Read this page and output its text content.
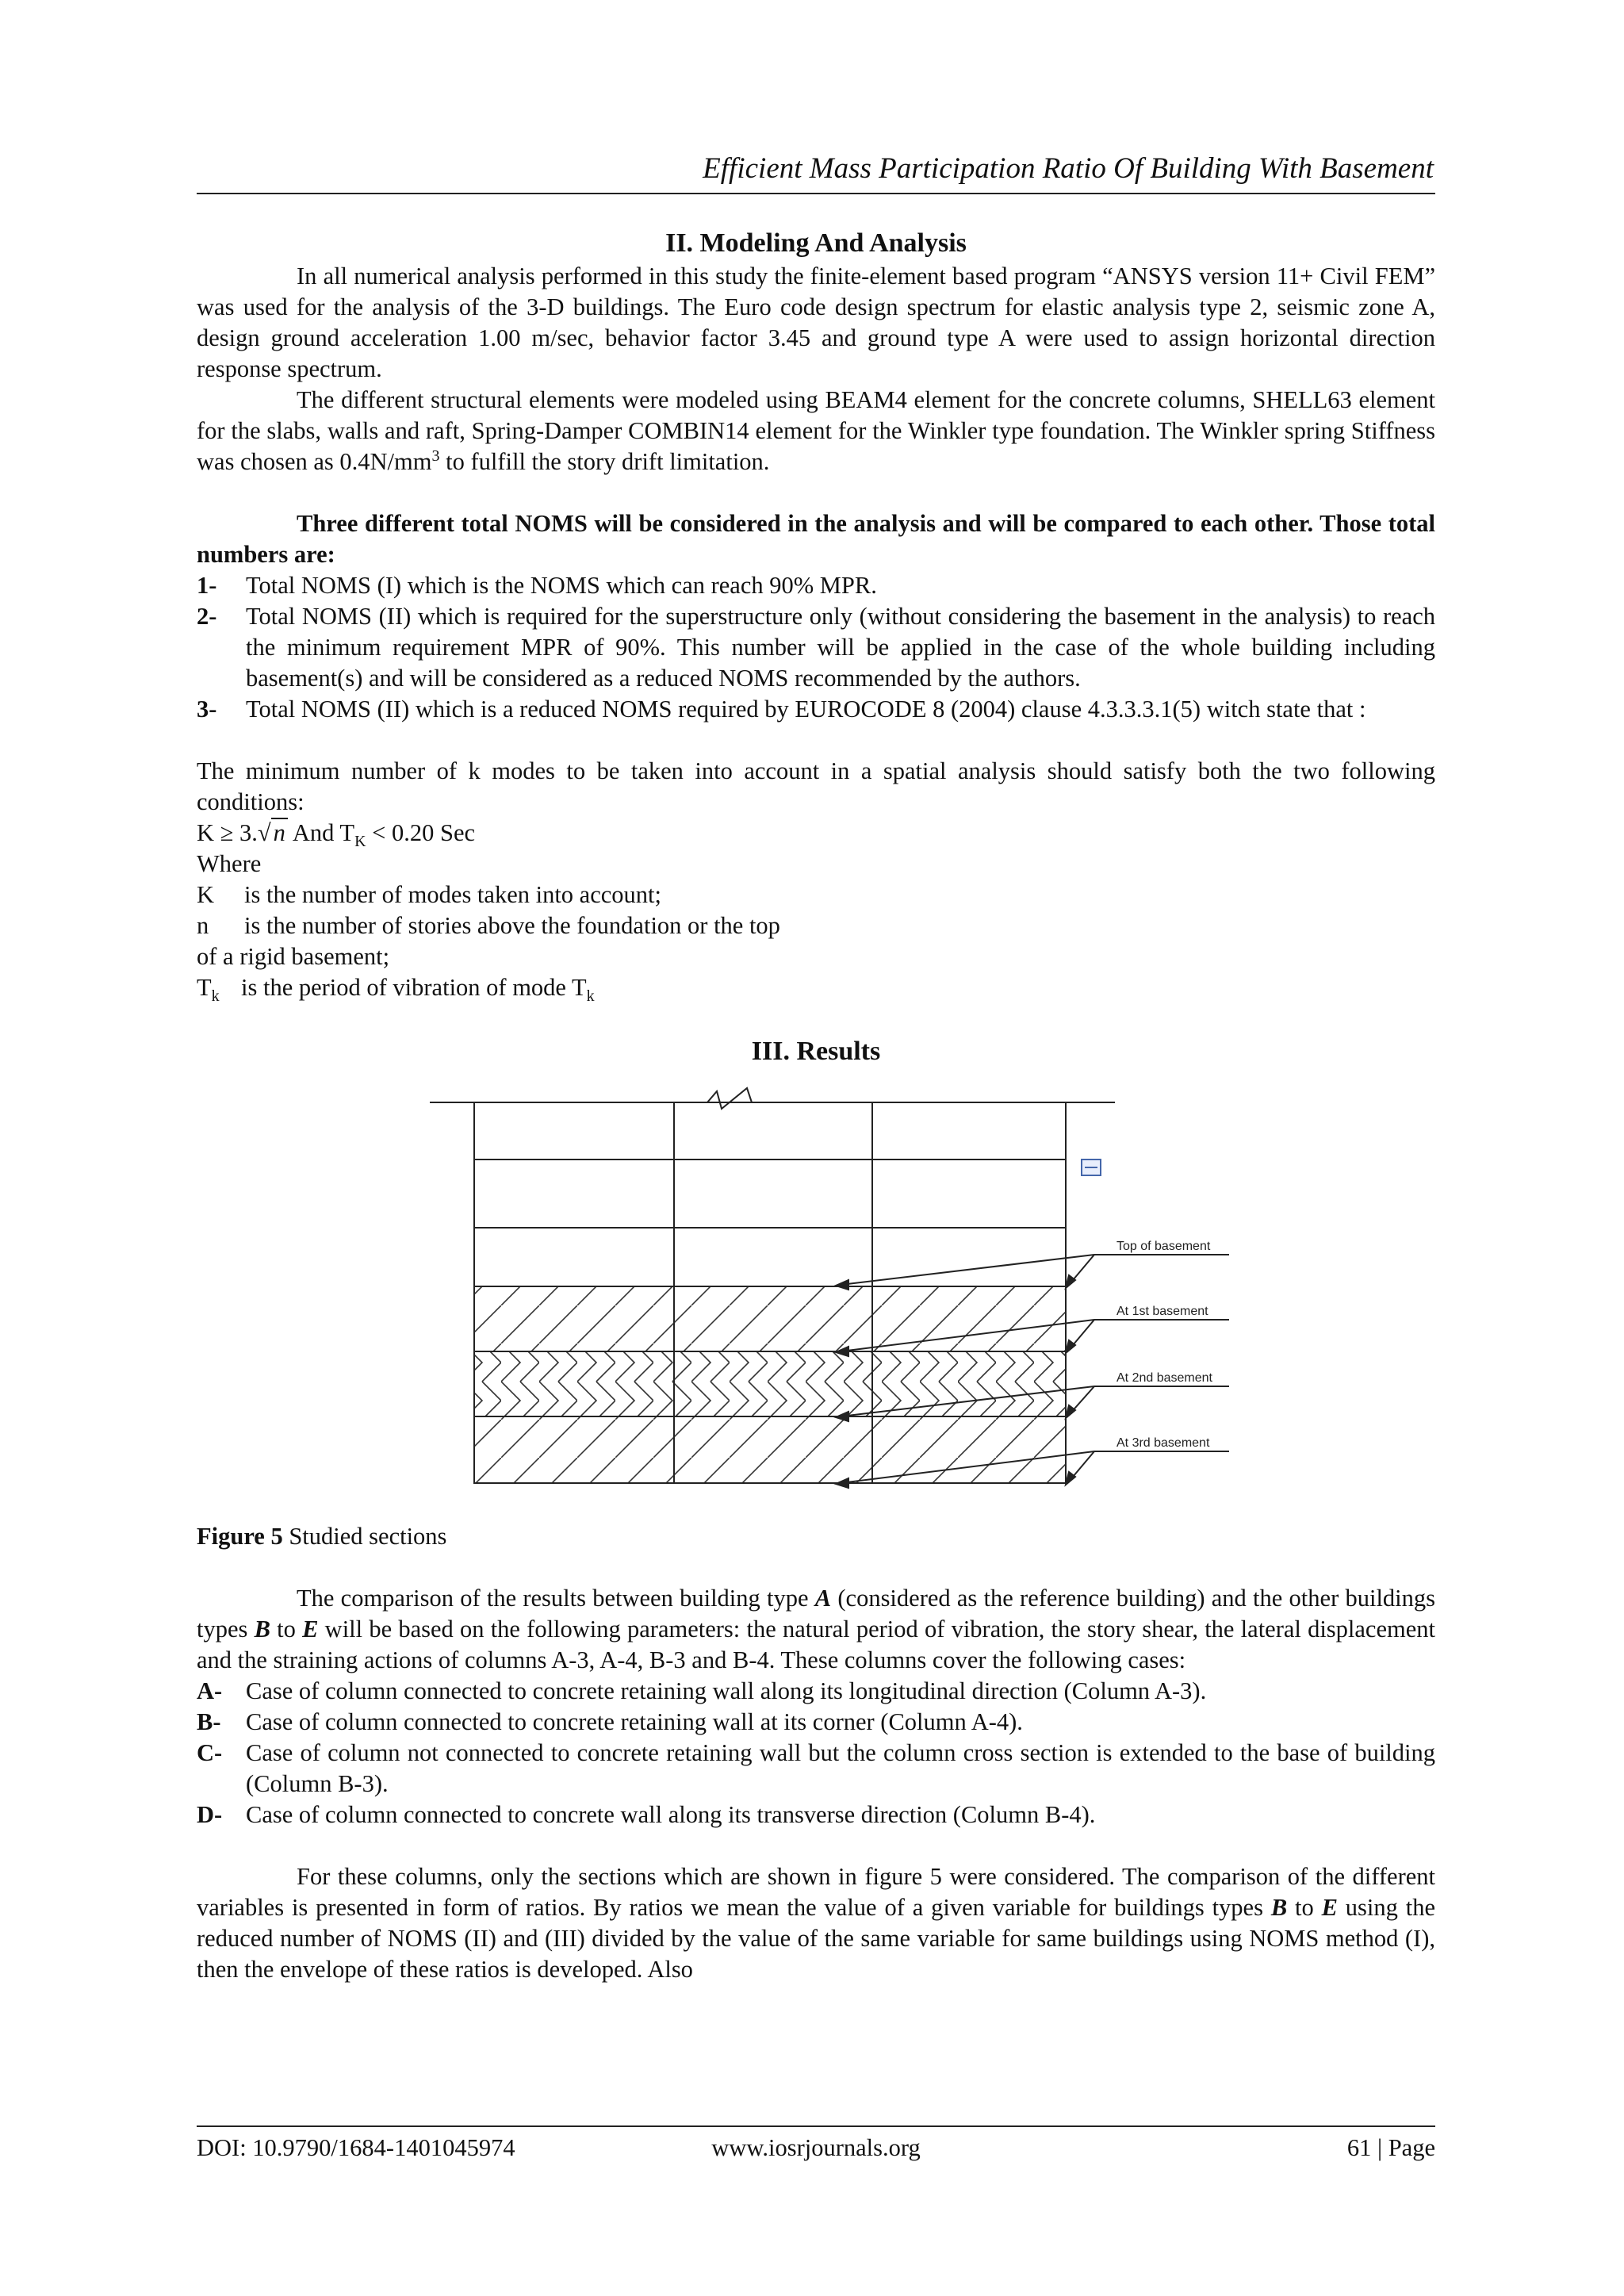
Efficient Mass Participation Ratio Of Building With Basement
II. Modeling And Analysis

In all numerical analysis performed in this study the finite-element based program “ANSYS version 11+ Civil FEM” was used for the analysis of the 3-D buildings. The Euro code design spectrum for elastic analysis type 2, seismic zone A, design ground acceleration 1.00 m/sec, behavior factor 3.45 and ground type A were used to assign horizontal direction response spectrum.

The different structural elements were modeled using BEAM4 element for the concrete columns, SHELL63 element for the slabs, walls and raft, Spring-Damper COMBIN14 element for the Winkler type foundation. The Winkler spring Stiffness was chosen as $0.4N/mm^3$ to fulfill the story drift limitation.

Three different total NOMS will be considered in the analysis and will be compared to each other. Those total numbers are:

1- Total NOMS (I) which is the NOMS which can reach 90% MPR.
2- Total NOMS (II) which is required for the superstructure only (without considering the basement in the analysis) to reach the minimum requirement MPR of 90%. This number will be applied in the case of the whole building including basement(s) and will be considered as a reduced NOMS recommended by the authors.
3- Total NOMS (II) which is a reduced NOMS required by EUROCODE 8 (2004) clause 4.3.3.3.1(5) witch state that :

The minimum number of k modes to be taken into account in a spatial analysis should satisfy both the two following conditions:

K ≥ 3.√n And $T_K < 0.20$ Sec

Where

K is the number of modes taken into account;

n is the number of stories above the foundation or the top

of a rigid basement;

$T_k$ is the period of vibration of mode $T_k$

III. Results
Top of basement
At 1st basement
At 2nd basement
At 3rd basement

Figure 5 Studied sections

The comparison of the results between building type A (considered as the reference building) and the other buildings types B to E will be based on the following parameters: the natural period of vibration, the story shear, the lateral displacement and the straining actions of columns A-3, A-4, B-3 and B-4. These columns cover the following cases:

A- Case of column connected to concrete retaining wall along its longitudinal direction (Column A-3).
B- Case of column connected to concrete retaining wall at its corner (Column A-4).
C- Case of column not connected to concrete retaining wall but the column cross section is extended to the base of building (Column B-3).
D- Case of column connected to concrete wall along its transverse direction (Column B-4).

For these columns, only the sections which are shown in figure 5 were considered. The comparison of the different variables is presented in form of ratios. By ratios we mean the value of a given variable for buildings types B to E using the reduced number of NOMS (II) and (III) divided by the value of the same variable for same buildings using NOMS method (I), then the envelope of these ratios is developed. Also

DOI: 10.9790/1684-1401045974	www.iosrjournals.org	61 | Page
